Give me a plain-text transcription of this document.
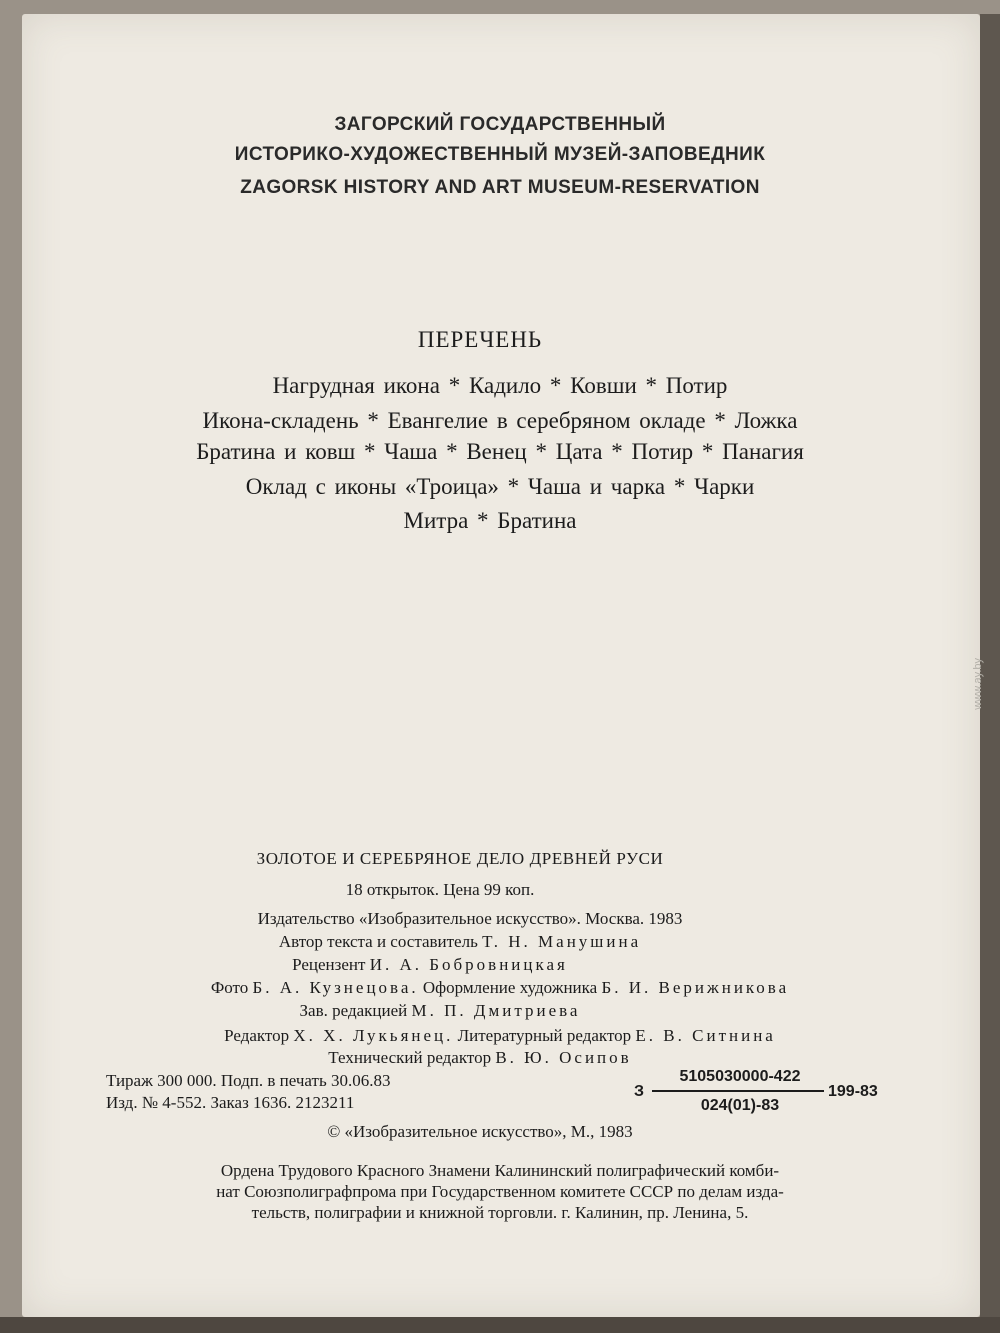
ЗАГОРСКИЙ ГОСУДАРСТВЕННЫЙ
ИСТОРИКО-ХУДОЖЕСТВЕННЫЙ МУЗЕЙ-ЗАПОВЕДНИК
ZAGORSK HISTORY AND ART MUSEUM-RESERVATION
ПЕРЕЧЕНЬ
Нагрудная икона * Кадило * Ковши * Потир
Икона-складень * Евангелие в серебряном окладе * Ложка
Братина и ковш * Чаша * Венец * Цата * Потир * Панагия
Оклад с иконы «Троица» * Чаша и чарка * Чарки
Митра * Братина
ЗОЛОТОЕ И СЕРЕБРЯНОЕ ДЕЛО ДРЕВНЕЙ РУСИ
18 открыток. Цена 99 коп.
Издательство «Изобразительное искусство». Москва. 1983
Автор текста и составитель Т. Н. Манушина
Рецензент И. А. Бобровницкая
Фото Б. А. Кузнецова. Оформление художника Б. И. Верижникова
Зав. редакцией М. П. Дмитриева
Редактор Х. Х. Лукьянец. Литературный редактор Е. В. Ситнина
Технический редактор В. Ю. Осипов
Тираж 300 000. Подп. в печать 30.06.83
Изд. № 4-552. Заказ 1636. 2123211
З
5105030000-422
024(01)-83
199-83
© «Изобразительное искусство», М., 1983
Ордена Трудового Красного Знамени Калининский полиграфический комби-
нат Союзполиграфпрома при Государственном комитете СССР по делам изда-
тельств, полиграфии и книжной торговли. г. Калинин, пр. Ленина, 5.
www.ay.by
